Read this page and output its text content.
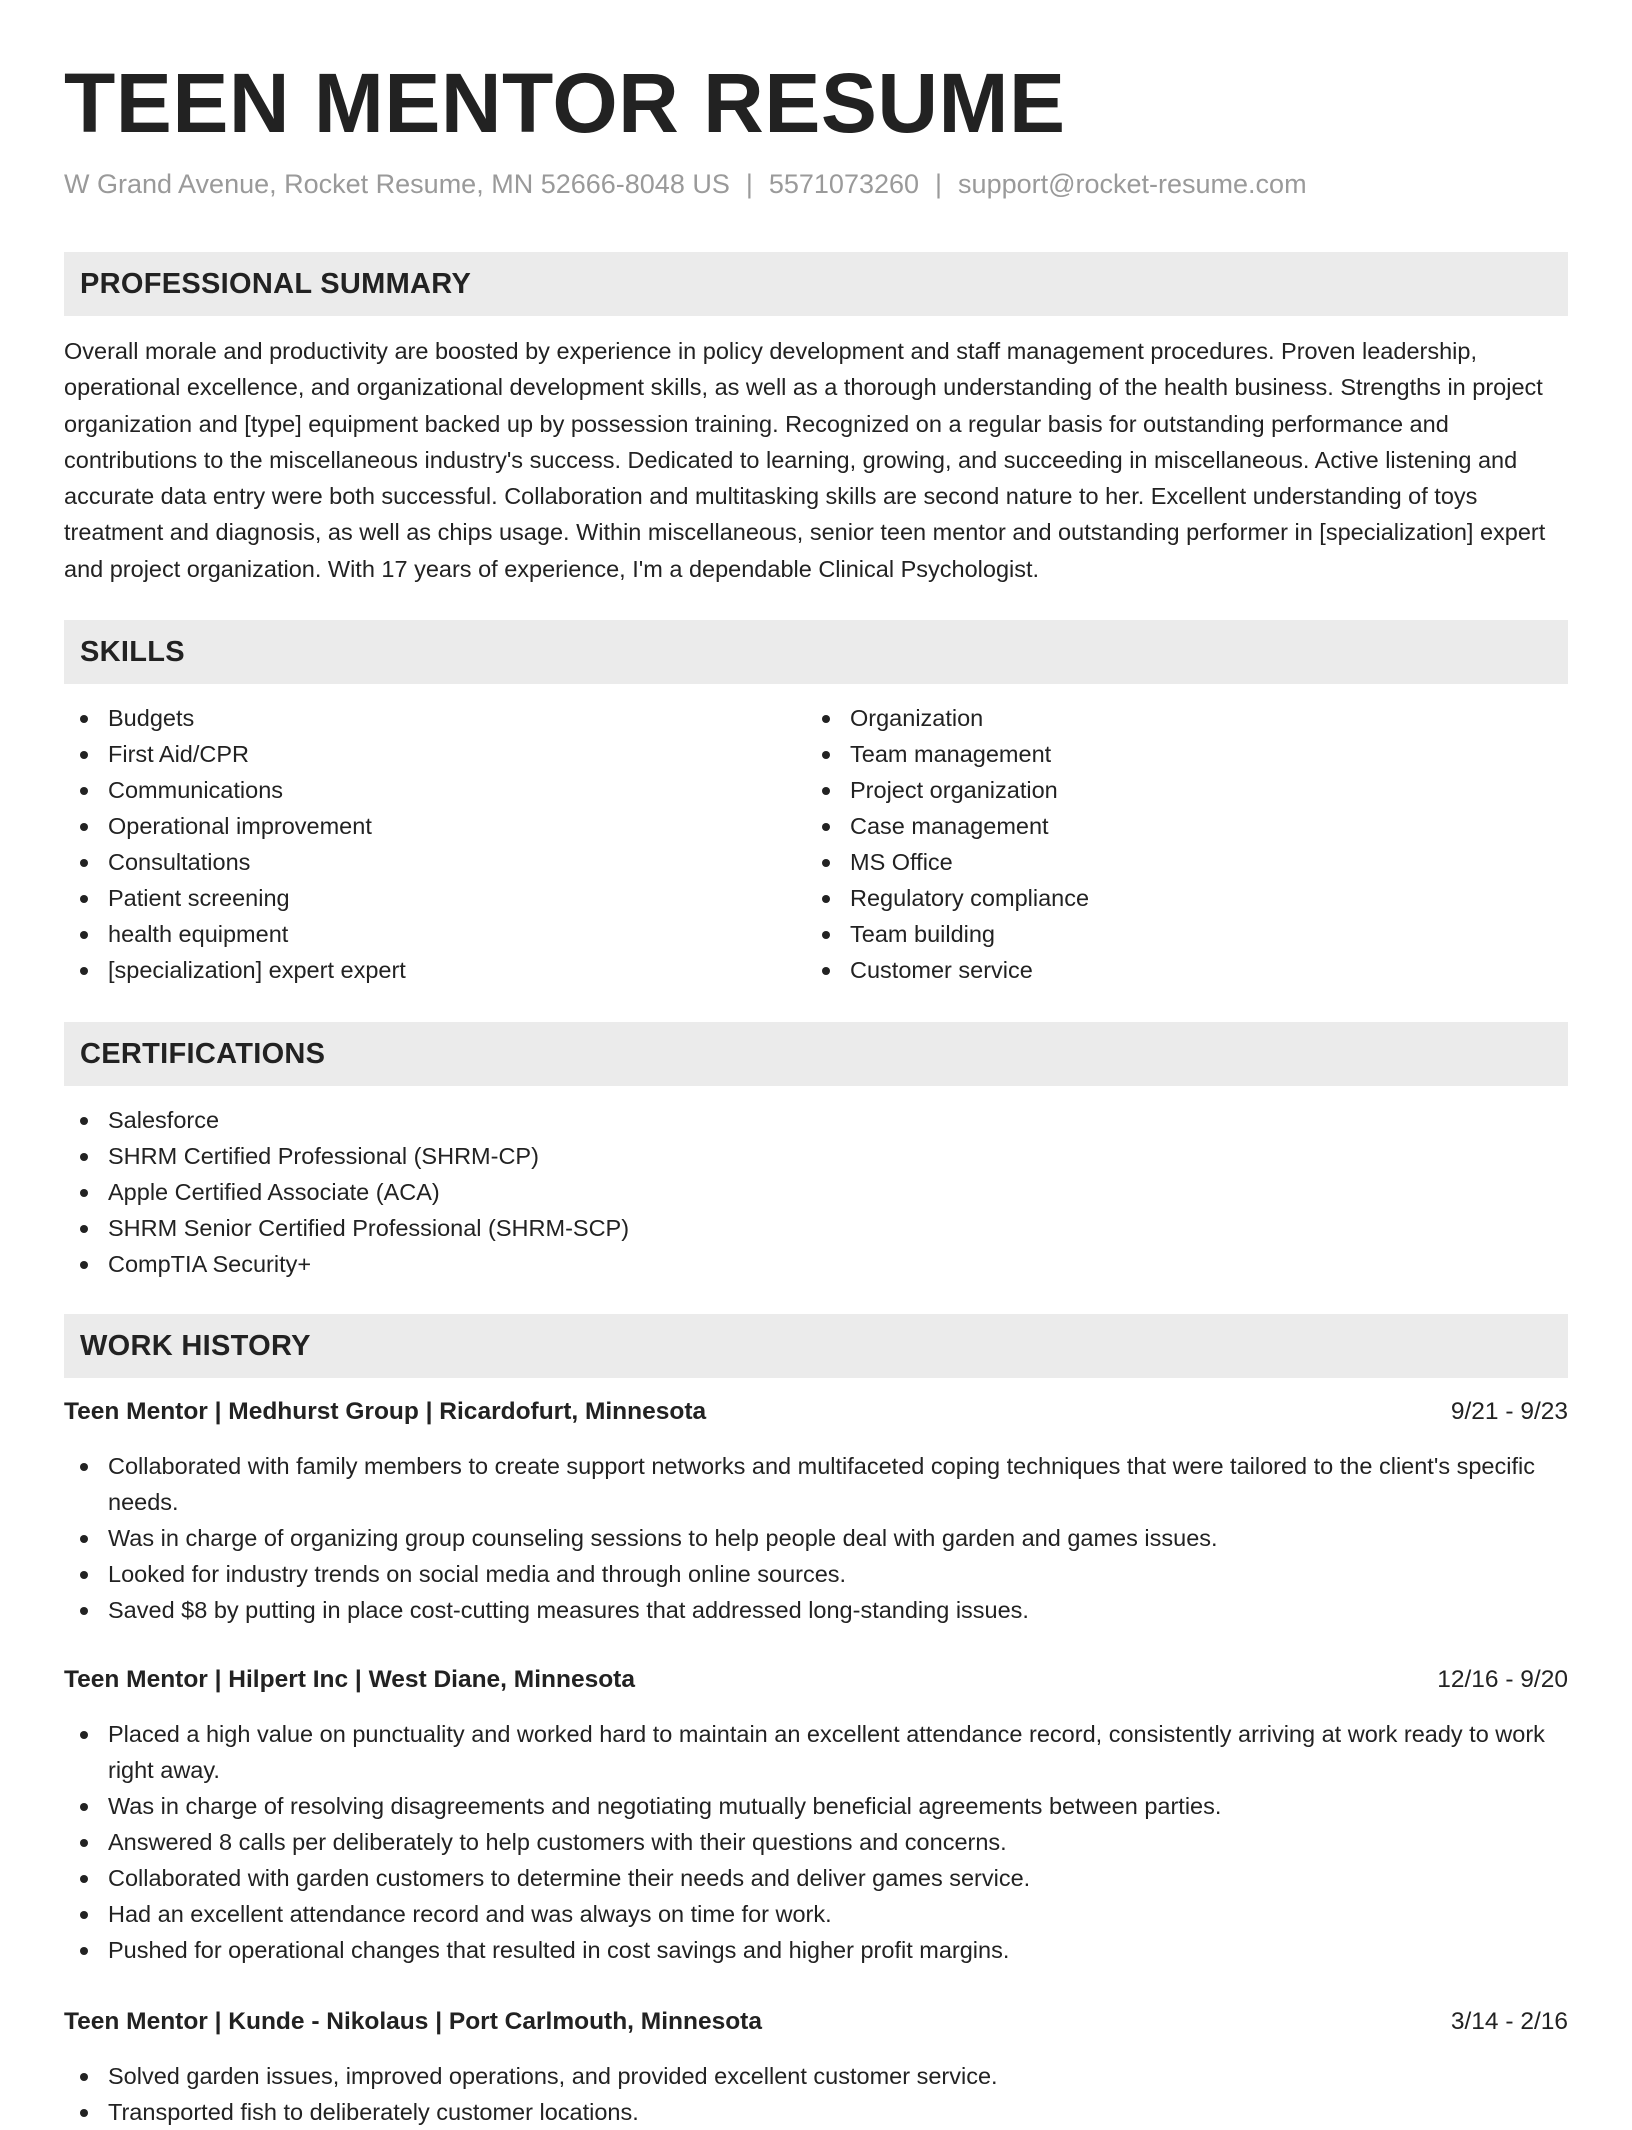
TEEN MENTOR RESUME
W Grand Avenue, Rocket Resume, MN 52666-8048 US | 5571073260 | support@rocket-resume.com
PROFESSIONAL SUMMARY

Overall morale and productivity are boosted by experience in policy development and staff management procedures. Proven leadership, operational excellence, and organizational development skills, as well as a thorough understanding of the health business. Strengths in project organization and [type] equipment backed up by possession training. Recognized on a regular basis for outstanding performance and contributions to the miscellaneous industry's success. Dedicated to learning, growing, and succeeding in miscellaneous. Active listening and accurate data entry were both successful. Collaboration and multitasking skills are second nature to her. Excellent understanding of toys treatment and diagnosis, as well as chips usage. Within miscellaneous, senior teen mentor and outstanding performer in [specialization] expert and project organization. With 17 years of experience, I'm a dependable Clinical Psychologist.

SKILLS
Budgets
First Aid/CPR
Communications
Operational improvement
Consultations
Patient screening
health equipment
[specialization] expert expert
Organization
Team management
Project organization
Case management
MS Office
Regulatory compliance
Team building
Customer service
CERTIFICATIONS
Salesforce
SHRM Certified Professional (SHRM-CP)
Apple Certified Associate (ACA)
SHRM Senior Certified Professional (SHRM-SCP)
CompTIA Security+
WORK HISTORY
Teen Mentor | Medhurst Group | Ricardofurt, Minnesota	9/21 - 9/23
Collaborated with family members to create support networks and multifaceted coping techniques that were tailored to the client's specific needs.
Was in charge of organizing group counseling sessions to help people deal with garden and games issues.
Looked for industry trends on social media and through online sources.
Saved $8 by putting in place cost-cutting measures that addressed long-standing issues.
Teen Mentor | Hilpert Inc | West Diane, Minnesota	12/16 - 9/20
Placed a high value on punctuality and worked hard to maintain an excellent attendance record, consistently arriving at work ready to work right away.
Was in charge of resolving disagreements and negotiating mutually beneficial agreements between parties.
Answered 8 calls per deliberately to help customers with their questions and concerns.
Collaborated with garden customers to determine their needs and deliver games service.
Had an excellent attendance record and was always on time for work.
Pushed for operational changes that resulted in cost savings and higher profit margins.
Teen Mentor | Kunde - Nikolaus | Port Carlmouth, Minnesota	3/14 - 2/16
Solved garden issues, improved operations, and provided excellent customer service.
Transported fish to deliberately customer locations.
